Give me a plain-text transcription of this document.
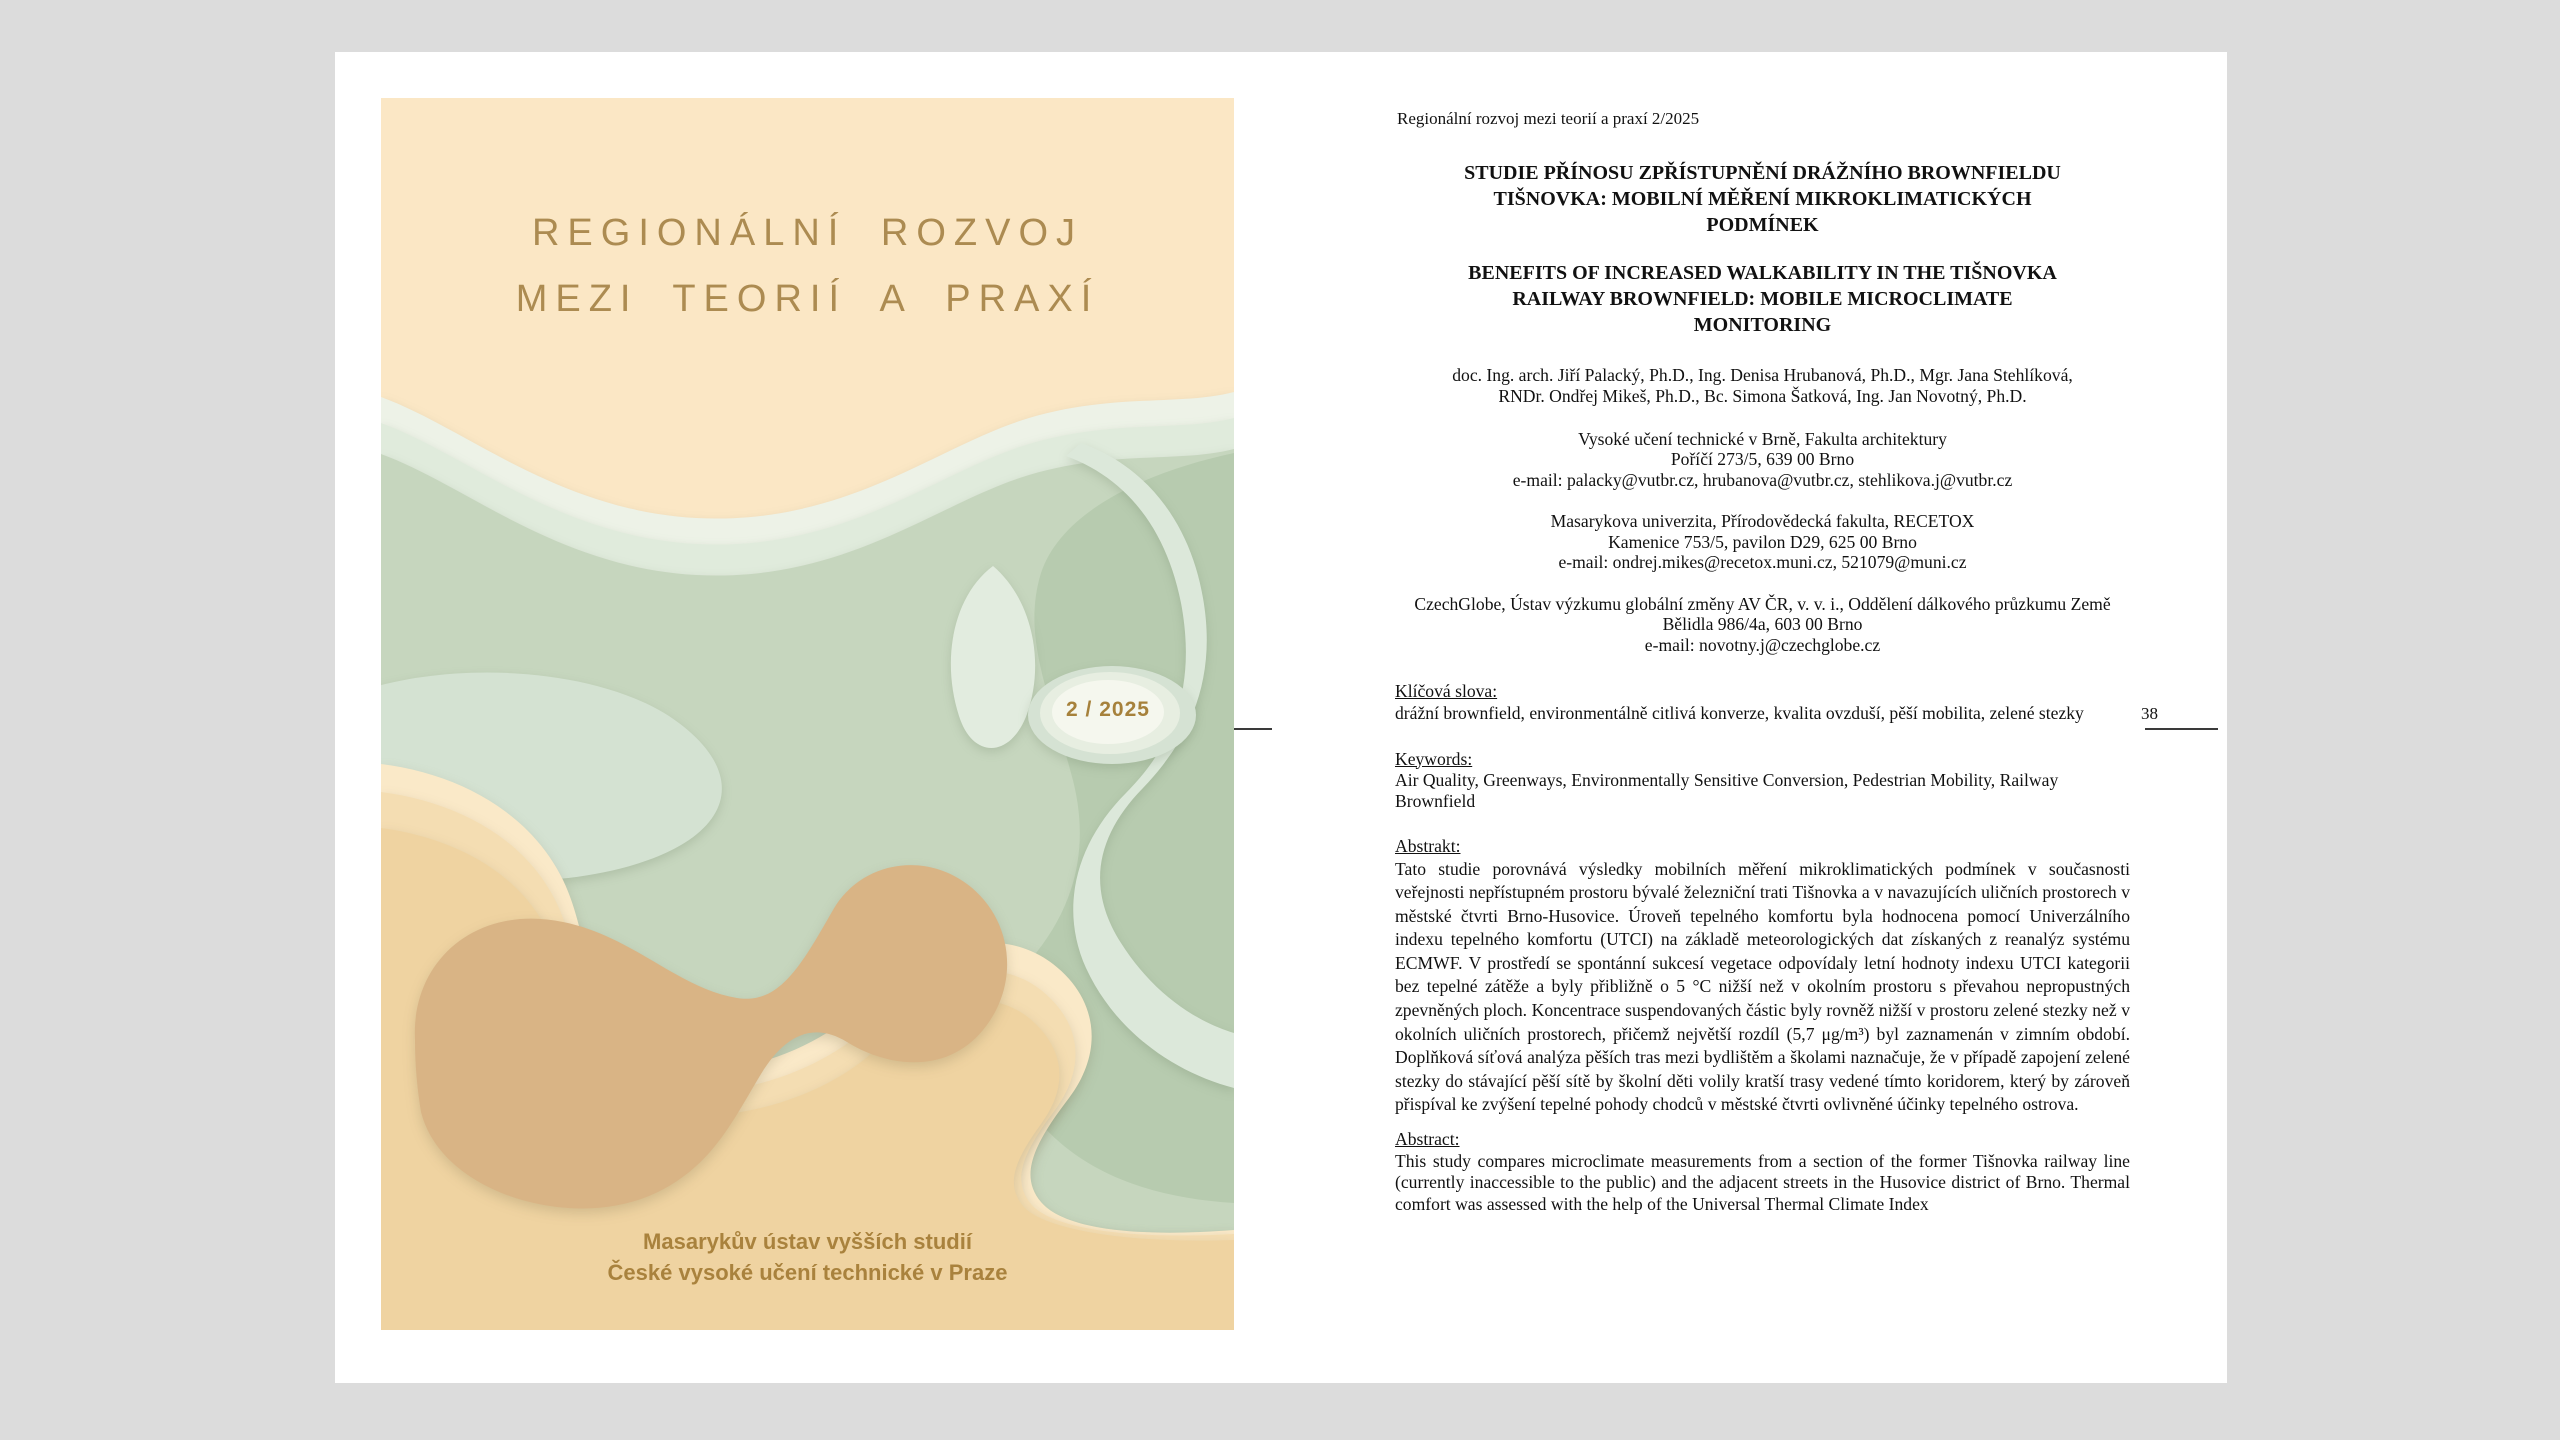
REGIONÁLNÍ ROZVOJ
MEZI TEORIÍ A PRAXÍ
2 / 2025
Masarykův ústav vyšších studií
České vysoké učení technické v Praze

Regionální rozvoj mezi teorií a praxí 2/2025

STUDIE PŘÍNOSU ZPŘÍSTUPNĚNÍ DRÁŽNÍHO BROWNFIELDU
TIŠNOVKA: MOBILNÍ MĚŘENÍ MIKROKLIMATICKÝCH
PODMÍNEK
BENEFITS OF INCREASED WALKABILITY IN THE TIŠNOVKA
RAILWAY BROWNFIELD: MOBILE MICROCLIMATE
MONITORING
doc. Ing. arch. Jiří Palacký, Ph.D., Ing. Denisa Hrubanová, Ph.D., Mgr. Jana Stehlíková,
RNDr. Ondřej Mikeš, Ph.D., Bc. Simona Šatková, Ing. Jan Novotný, Ph.D.
Vysoké učení technické v Brně, Fakulta architektury
Poříčí 273/5, 639 00 Brno
e-mail: palacky@vutbr.cz, hrubanova@vutbr.cz, stehlikova.j@vutbr.cz
Masarykova univerzita, Přírodovědecká fakulta, RECETOX
Kamenice 753/5, pavilon D29, 625 00 Brno
e-mail: ondrej.mikes@recetox.muni.cz, 521079@muni.cz
CzechGlobe, Ústav výzkumu globální změny AV ČR, v. v. i., Oddělení dálkového průzkumu Země
Bělidla 986/4a, 603 00 Brno
e-mail: novotny.j@czechglobe.cz
Klíčová slova:
drážní brownfield, environmentálně citlivá konverze, kvalita ovzduší, pěší mobilita, zelené stezky
Keywords:
Air Quality, Greenways, Environmentally Sensitive Conversion, Pedestrian Mobility, Railway Brownfield
Abstrakt:
Tato studie porovnává výsledky mobilních měření mikroklimatických podmínek v současnosti veřejnosti nepřístupném prostoru bývalé železniční trati Tišnovka a v navazujících uličních prostorech v městské čtvrti Brno-Husovice. Úroveň tepelného komfortu byla hodnocena pomocí Univerzálního indexu tepelného komfortu (UTCI) na základě meteorologických dat získaných z reanalýz systému ECMWF. V prostředí se spontánní sukcesí vegetace odpovídaly letní hodnoty indexu UTCI kategorii bez tepelné zátěže a byly přibližně o 5 °C nižší než v okolním prostoru s převahou nepropustných zpevněných ploch. Koncentrace suspendovaných částic byly rovněž nižší v prostoru zelené stezky než v okolních uličních prostorech, přičemž největší rozdíl (5,7 μg/m³) byl zaznamenán v zimním období. Doplňková síťová analýza pěších tras mezi bydlištěm a školami naznačuje, že v případě zapojení zelené stezky do stávající pěší sítě by školní děti volily kratší trasy vedené tímto koridorem, který by zároveň přispíval ke zvýšení tepelné pohody chodců v městské čtvrti ovlivněné účinky tepelného ostrova.
Abstract:
This study compares microclimate measurements from a section of the former Tišnovka railway line (currently inaccessible to the public) and the adjacent streets in the Husovice district of Brno. Thermal comfort was assessed with the help of the Universal Thermal Climate Index
38
